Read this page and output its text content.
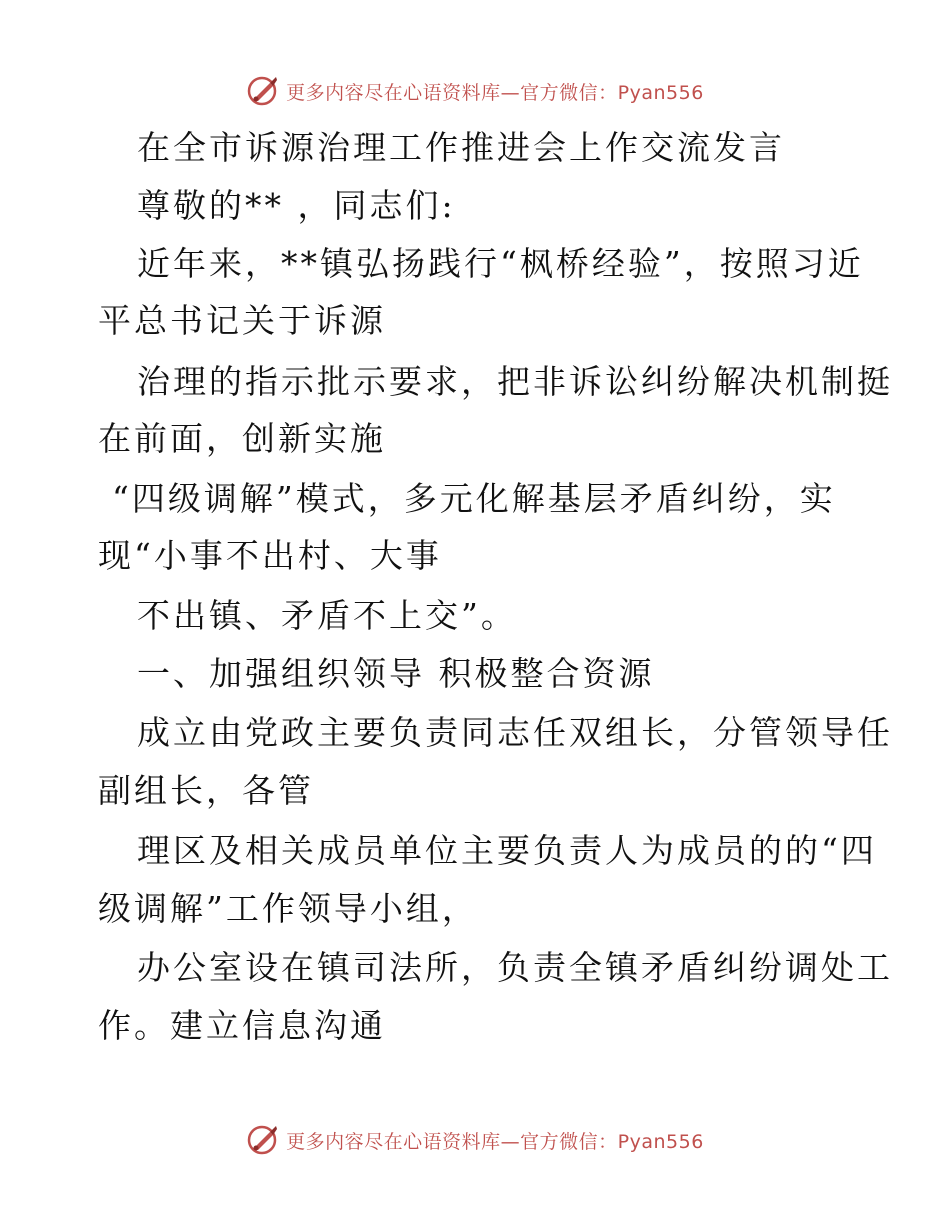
更多内容尽在心语资料库—官方微信：Pyan556
在全市诉源治理工作推进会上作交流发言
尊敬的** ，同志们:
近年来，**镇弘扬践行“枫桥经验”，按照习近
平总书记关于诉源
治理的指示批示要求，把非诉讼纠纷解决机制挺
在前面，创新实施
“四级调解”模式，多元化解基层矛盾纠纷，实
现“小事不出村、大事
不出镇、矛盾不上交”。
一、加强组织领导 积极整合资源
成立由党政主要负责同志任双组长，分管领导任
副组长，各管
理区及相关成员单位主要负责人为成员的的“四
级调解”工作领导小组，
办公室设在镇司法所，负责全镇矛盾纠纷调处工
作。建立信息沟通
更多内容尽在心语资料库—官方微信：Pyan556
